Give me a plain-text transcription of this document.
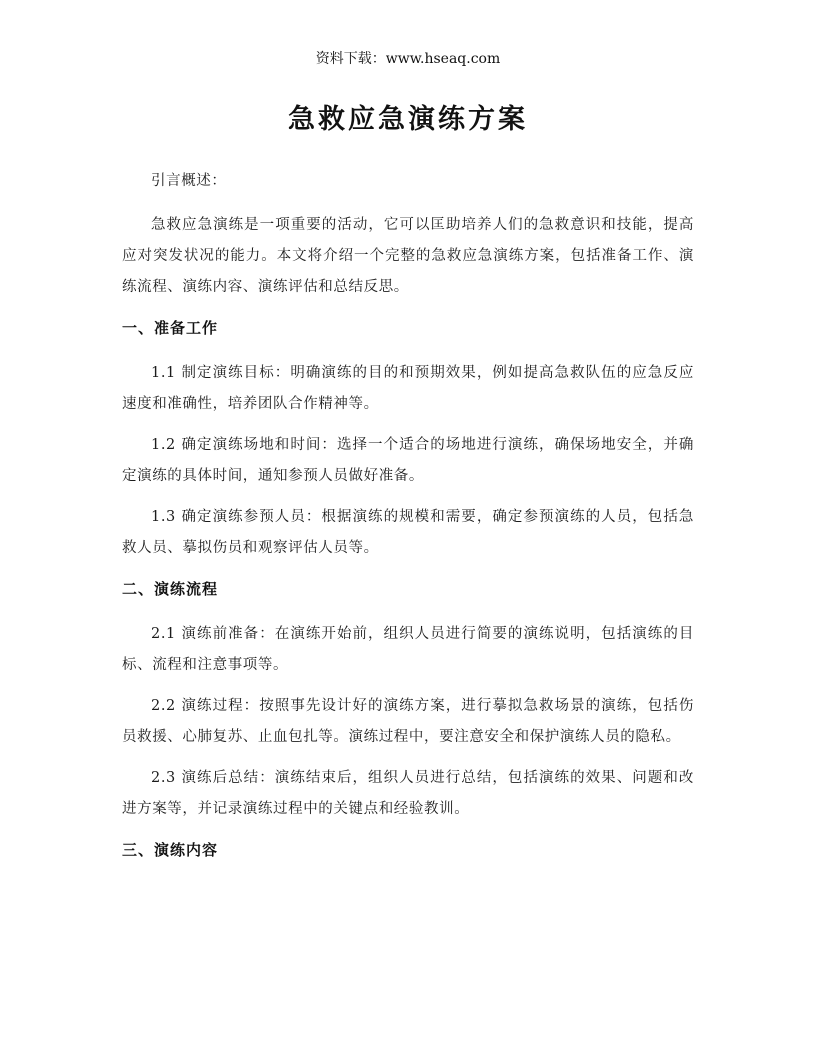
资料下载：www.hseaq.com
急救应急演练方案

引言概述：

急救应急演练是一项重要的活动，它可以匡助培养人们的急救意识和技能，提高应对突发状况的能力。本文将介绍一个完整的急救应急演练方案，包括准备工作、演练流程、演练内容、演练评估和总结反思。

一、准备工作

1.1 制定演练目标：明确演练的目的和预期效果，例如提高急救队伍的应急反应速度和准确性，培养团队合作精神等。

1.2 确定演练场地和时间：选择一个适合的场地进行演练，确保场地安全，并确定演练的具体时间，通知参预人员做好准备。

1.3 确定演练参预人员：根据演练的规模和需要，确定参预演练的人员，包括急救人员、摹拟伤员和观察评估人员等。

二、演练流程

2.1 演练前准备：在演练开始前，组织人员进行简要的演练说明，包括演练的目标、流程和注意事项等。

2.2 演练过程：按照事先设计好的演练方案，进行摹拟急救场景的演练，包括伤员救援、心肺复苏、止血包扎等。演练过程中，要注意安全和保护演练人员的隐私。

2.3 演练后总结：演练结束后，组织人员进行总结，包括演练的效果、问题和改进方案等，并记录演练过程中的关键点和经验教训。

三、演练内容
